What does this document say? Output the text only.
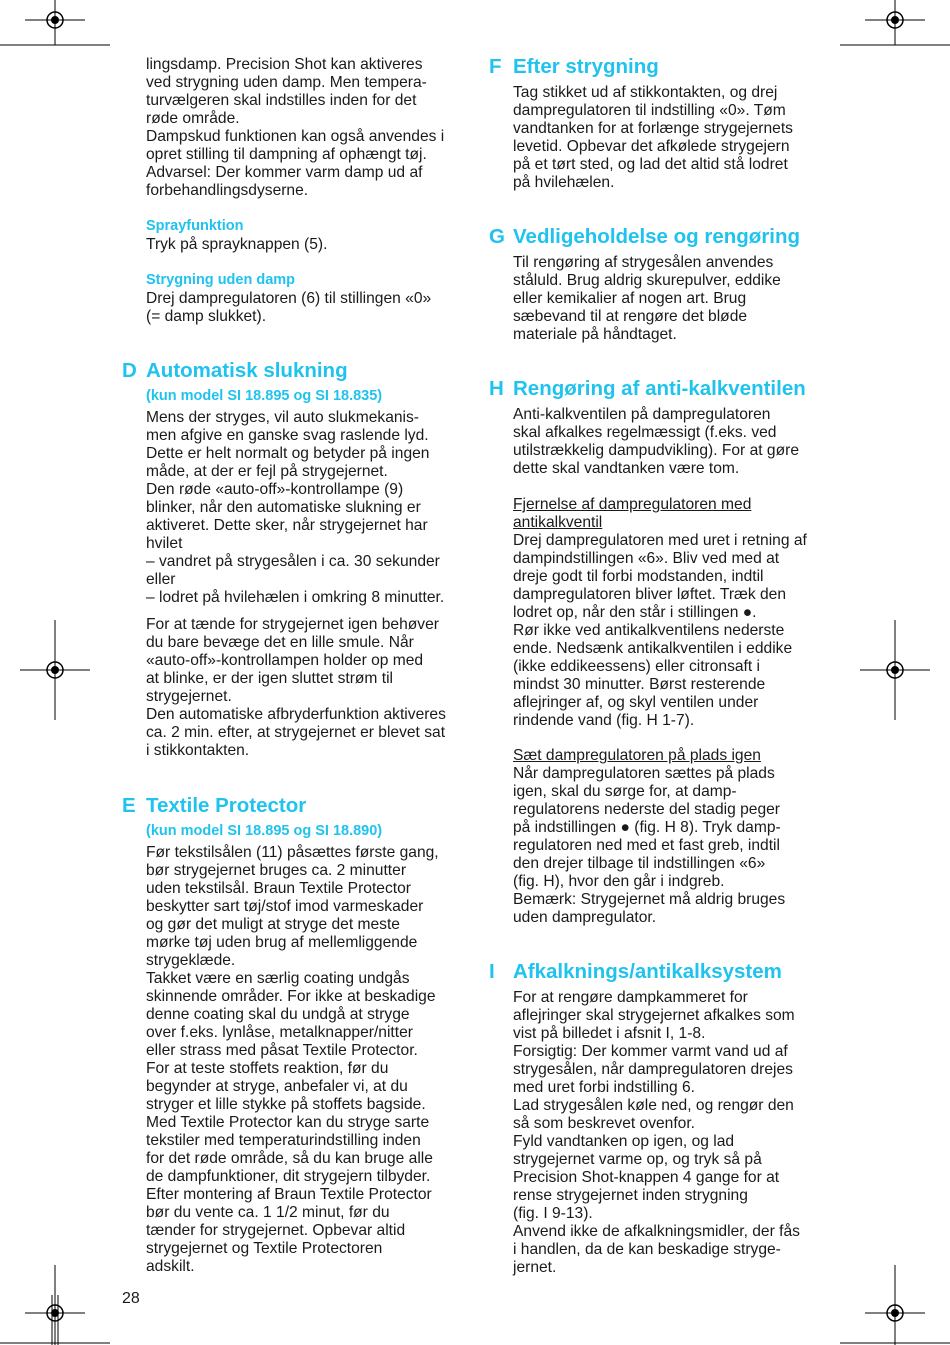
lingsdamp. Precision Shot kan aktiveres
ved strygning uden damp. Men tempera-
turvælgeren skal indstilles inden for det
røde område.
Dampskud funktionen kan også anvendes i
opret stilling til dampning af ophængt tøj.
Advarsel: Der kommer varm damp ud af
forbehandlingsdyserne.

Sprayfunktion

Tryk på sprayknappen (5).

Strygning uden damp

Drej dampregulatoren (6) til stillingen «0»
(= damp slukket).

D Automatisk slukning

(kun model SI 18.895 og SI 18.835)

Mens der stryges, vil auto slukmekanis-
men afgive en ganske svag raslende lyd.
Dette er helt normalt og betyder på ingen
måde, at der er fejl på strygejernet.
Den røde «auto-off»-kontrollampe (9)
blinker, når den automatiske slukning er
aktiveret. Dette sker, når strygejernet har
hvilet
– vandret på strygesålen i ca. 30 sekunder
eller
– lodret på hvilehælen i omkring 8 minutter.

For at tænde for strygejernet igen behøver
du bare bevæge det en lille smule. Når
«auto-off»-kontrollampen holder op med
at blinke, er der igen sluttet strøm til
strygejernet.
Den automatiske afbryderfunktion aktiveres
ca. 2 min. efter, at strygejernet er blevet sat
i stikkontakten.

E Textile Protector

(kun model SI 18.895 og SI 18.890)

Før tekstilsålen (11) påsættes første gang,
bør strygejernet bruges ca. 2 minutter
uden tekstilsål. Braun Textile Protector
beskytter sart tøj/stof imod varmeskader
og gør det muligt at stryge det meste
mørke tøj uden brug af mellemliggende
strygeklæde.
Takket være en særlig coating undgås
skinnende områder. For ikke at beskadige
denne coating skal du undgå at stryge
over f.eks. lynlåse, metalknapper/nitter
eller strass med påsat Textile Protector.
For at teste stoffets reaktion, før du
begynder at stryge, anbefaler vi, at du
stryger et lille stykke på stoffets bagside.
Med Textile Protector kan du stryge sarte
tekstiler med temperaturindstilling inden
for det røde område, så du kan bruge alle
de dampfunktioner, dit strygejern tilbyder.
Efter montering af Braun Textile Protector
bør du vente ca. 1 1/2 minut, før du
tænder for strygejernet. Opbevar altid
strygejernet og Textile Protectoren
adskilt.

F Efter strygning

Tag stikket ud af stikkontakten, og drej
dampregulatoren til indstilling «0». Tøm
vandtanken for at forlænge strygejernets
levetid. Opbevar det afkølede strygejern
på et tørt sted, og lad det altid stå lodret
på hvilehælen.

G Vedligeholdelse og rengøring

Til rengøring af strygesålen anvendes
ståluld. Brug aldrig skurepulver, eddike
eller kemikalier af nogen art. Brug
sæbevand til at rengøre det bløde
materiale på håndtaget.

H Rengøring af anti-kalkventilen

Anti-kalkventilen på dampregulatoren
skal afkalkes regelmæssigt (f.eks. ved
utilstrækkelig dampudvikling). For at gøre
dette skal vandtanken være tom.

Fjernelse af dampregulatoren med
antikalkventil

Drej dampregulatoren med uret i retning af
dampindstillingen «6». Bliv ved med at
dreje godt til forbi modstanden, indtil
dampregulatoren bliver løftet. Træk den
lodret op, når den står i stillingen ●.
Rør ikke ved antikalkventilens nederste
ende. Nedsænk antikalkventilen i eddike
(ikke eddikeessens) eller citronsaft i
mindst 30 minutter. Børst resterende
aflejringer af, og skyl ventilen under
rindende vand (fig. H 1-7).

Sæt dampregulatoren på plads igen

Når dampregulatoren sættes på plads
igen, skal du sørge for, at damp-
regulatorens nederste del stadig peger
på indstillingen ● (fig. H 8). Tryk damp-
regulatoren ned med et fast greb, indtil
den drejer tilbage til indstillingen «6»
(fig. H), hvor den går i indgreb.
Bemærk: Strygejernet må aldrig bruges
uden dampregulator.

I Afkalknings/antikalksystem

For at rengøre dampkammeret for
aflejringer skal strygejernet afkalkes som
vist på billedet i afsnit I, 1-8.
Forsigtig: Der kommer varmt vand ud af
strygesålen, når dampregulatoren drejes
med uret forbi indstilling 6.
Lad strygesålen køle ned, og rengør den
så som beskrevet ovenfor.
Fyld vandtanken op igen, og lad
strygejernet varme op, og tryk så på
Precision Shot-knappen 4 gange for at
rense strygejernet inden strygning
(fig. I 9-13).
Anvend ikke de afkalkningsmidler, der fås
i handlen, da de kan beskadige stryge-
jernet.

28
